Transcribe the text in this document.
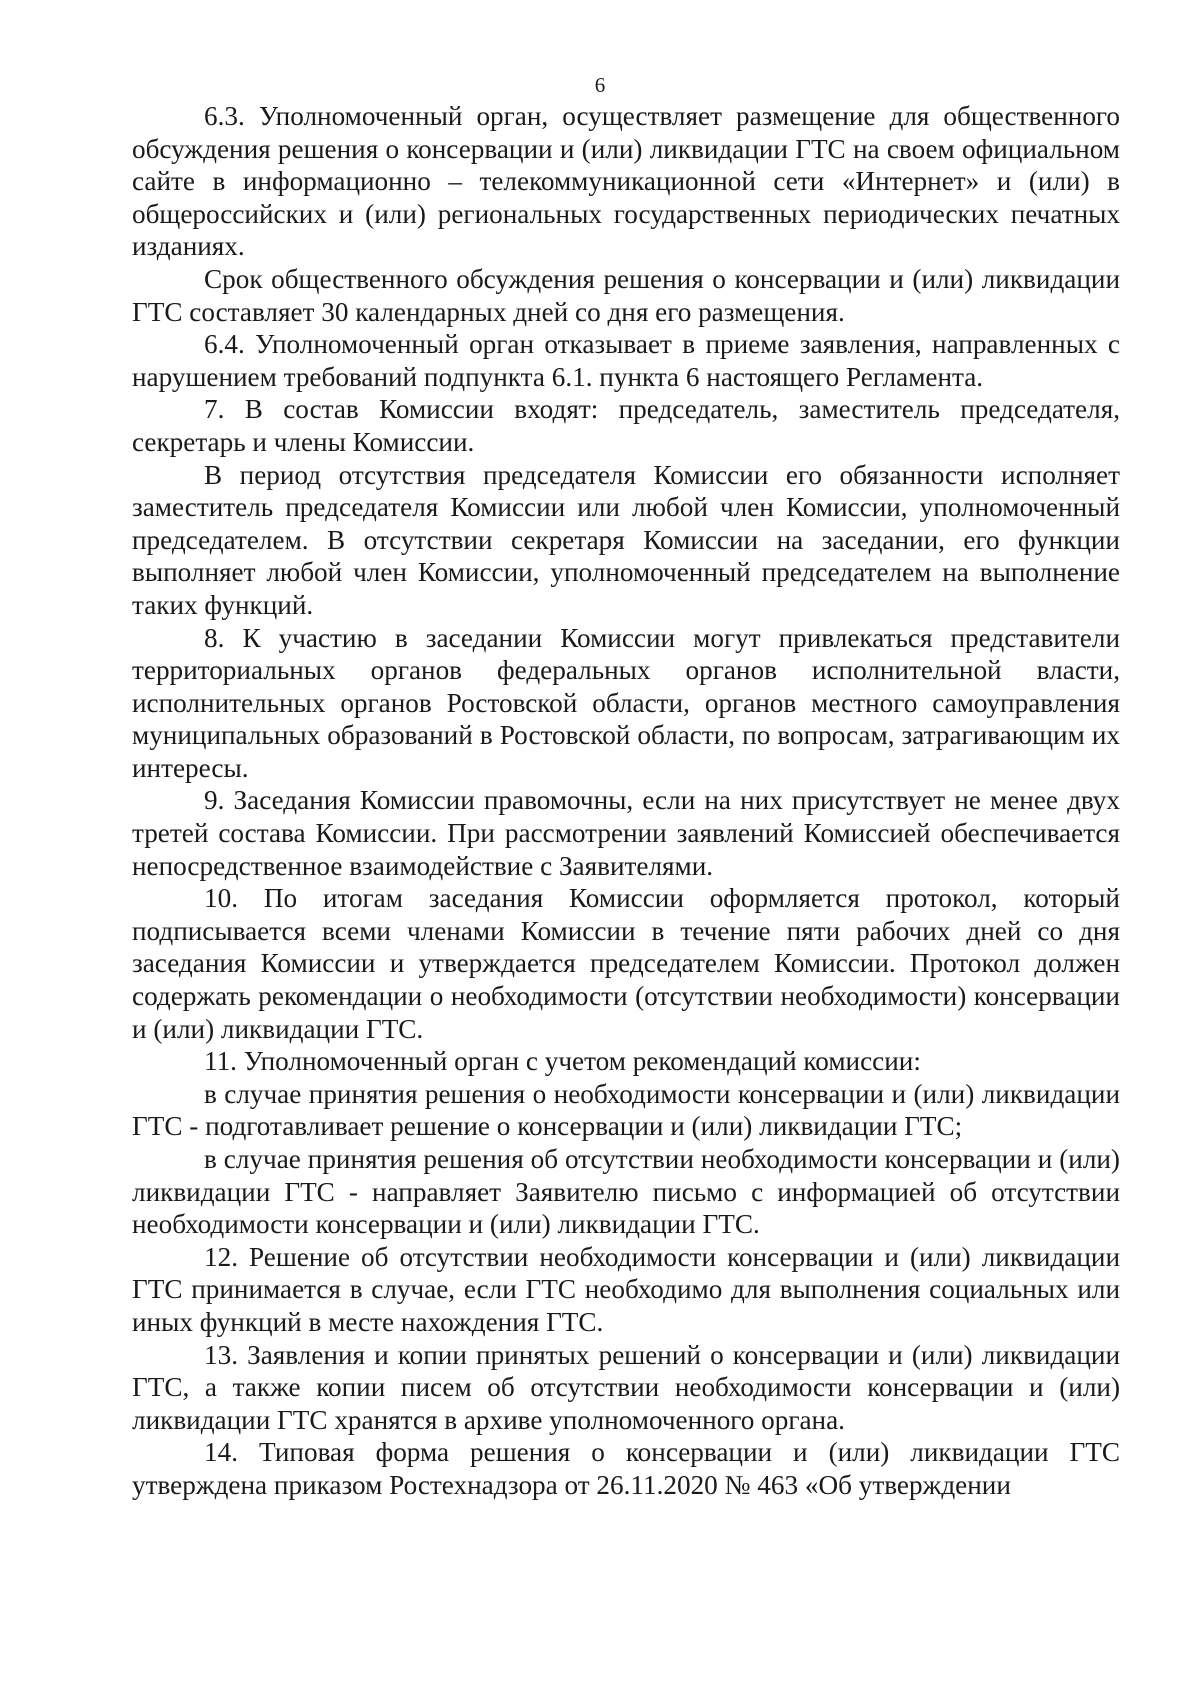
6

6.3. Уполномоченный орган, осуществляет размещение для общественного обсуждения решения о консервации и (или) ликвидации ГТС на своем официальном сайте в информационно – телекоммуникационной сети «Интернет» и (или) в общероссийских и (или) региональных государственных периодических печатных изданиях.

Срок общественного обсуждения решения о консервации и (или) ликвидации ГТС составляет 30 календарных дней со дня его размещения.

6.4. Уполномоченный орган отказывает в приеме заявления, направленных с нарушением требований подпункта 6.1. пункта 6 настоящего Регламента.

7. В состав Комиссии входят: председатель, заместитель председателя, секретарь и члены Комиссии.

В период отсутствия председателя Комиссии его обязанности исполняет заместитель председателя Комиссии или любой член Комиссии, уполномоченный председателем. В отсутствии секретаря Комиссии на заседании, его функции выполняет любой член Комиссии, уполномоченный председателем на выполнение таких функций.

8. К участию в заседании Комиссии могут привлекаться представители территориальных органов федеральных органов исполнительной власти, исполнительных органов Ростовской области, органов местного самоуправления муниципальных образований в Ростовской области, по вопросам, затрагивающим их интересы.

9. Заседания Комиссии правомочны, если на них присутствует не менее двух третей состава Комиссии. При рассмотрении заявлений Комиссией обеспечивается непосредственное взаимодействие с Заявителями.

10. По итогам заседания Комиссии оформляется протокол, который подписывается всеми членами Комиссии в течение пяти рабочих дней со дня заседания Комиссии и утверждается председателем Комиссии. Протокол должен содержать рекомендации о необходимости (отсутствии необходимости) консервации и (или) ликвидации ГТС.

11. Уполномоченный орган с учетом рекомендаций комиссии:

в случае принятия решения о необходимости консервации и (или) ликвидации ГТС - подготавливает решение о консервации и (или) ликвидации ГТС;

в случае принятия решения об отсутствии необходимости консервации и (или) ликвидации ГТС - направляет Заявителю письмо с информацией об отсутствии необходимости консервации и (или) ликвидации ГТС.

12. Решение об отсутствии необходимости консервации и (или) ликвидации ГТС принимается в случае, если ГТС необходимо для выполнения социальных или иных функций в месте нахождения ГТС.

13. Заявления и копии принятых решений о консервации и (или) ликвидации ГТС, а также копии писем об отсутствии необходимости консервации и (или) ликвидации ГТС хранятся в архиве уполномоченного органа.

14. Типовая форма решения о консервации и (или) ликвидации ГТС утверждена приказом Ростехнадзора от 26.11.2020 № 463 «Об утверждении
